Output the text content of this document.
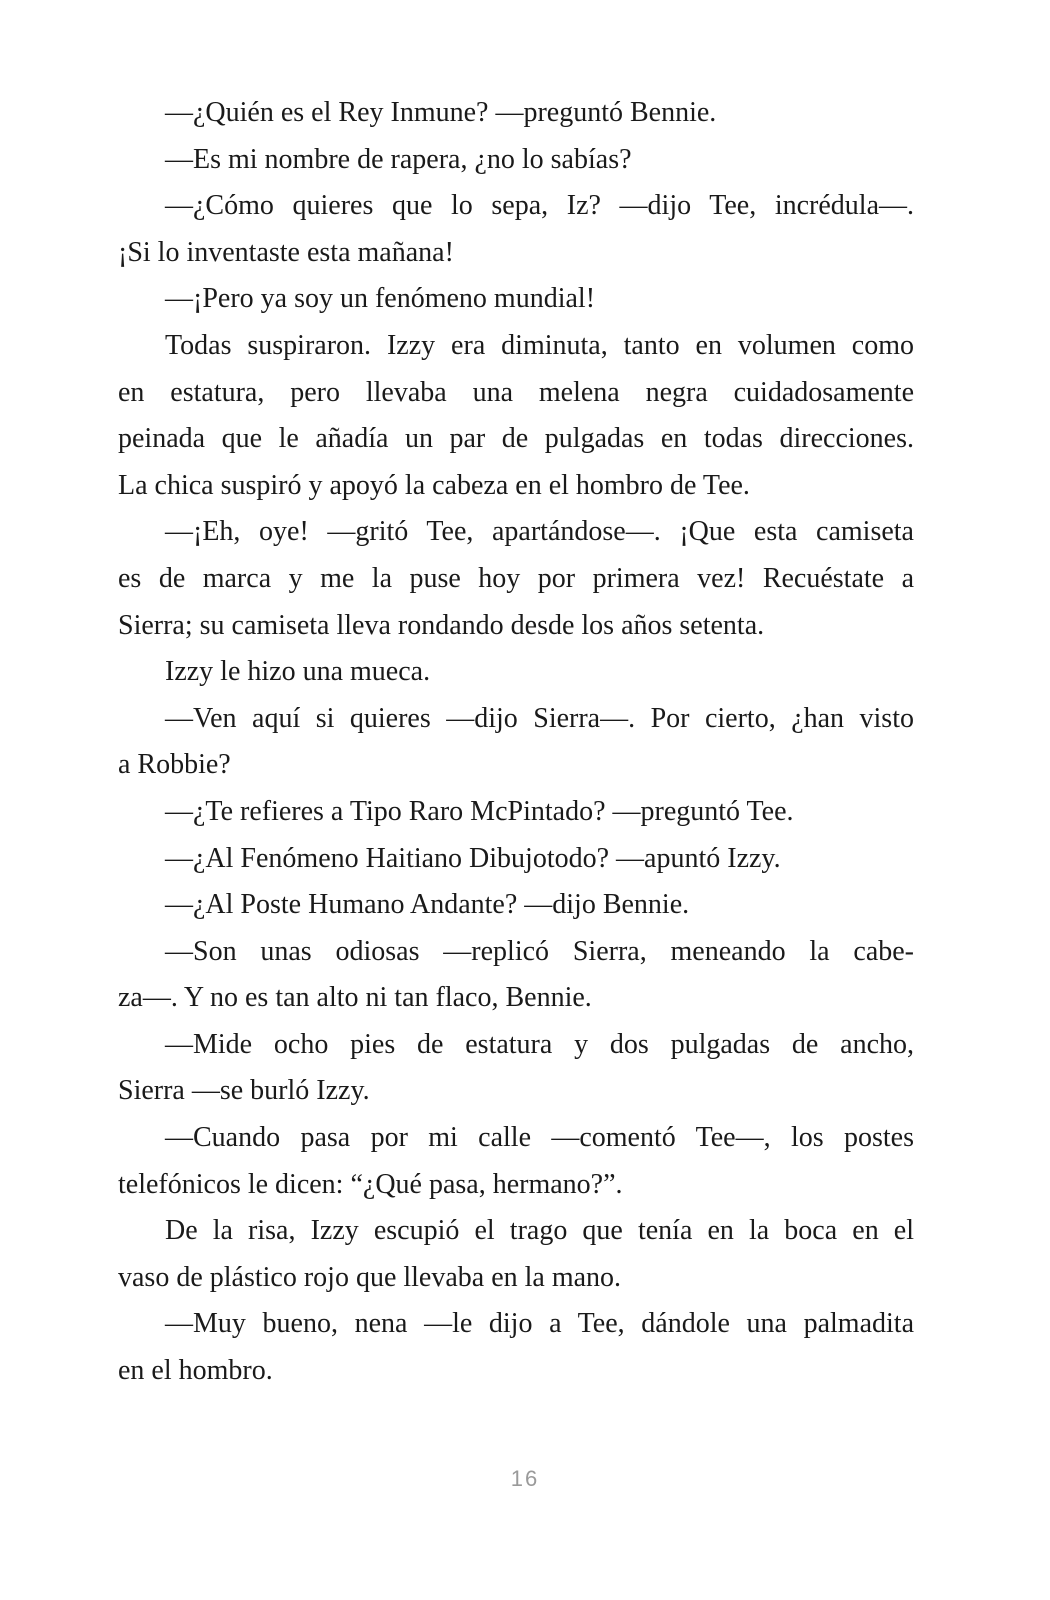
—¿Quién es el Rey Inmune? —preguntó Bennie.
—Es mi nombre de rapera, ¿no lo sabías?
—¿Cómo quieres que lo sepa, Iz? —dijo Tee, incrédula—.
¡Si lo inventaste esta mañana!
—¡Pero ya soy un fenómeno mundial!
Todas suspiraron. Izzy era diminuta, tanto en volumen como
en estatura, pero llevaba una melena negra cuidadosamente
peinada que le añadía un par de pulgadas en todas direcciones.
La chica suspiró y apoyó la cabeza en el hombro de Tee.
—¡Eh, oye! —gritó Tee, apartándose—. ¡Que esta camiseta
es de marca y me la puse hoy por primera vez! Recuéstate a
Sierra; su camiseta lleva rondando desde los años setenta.
Izzy le hizo una mueca.
—Ven aquí si quieres —dijo Sierra—. Por cierto, ¿han visto
a Robbie?
—¿Te refieres a Tipo Raro McPintado? —preguntó Tee.
—¿Al Fenómeno Haitiano Dibujotodo? —apuntó Izzy.
—¿Al Poste Humano Andante? —dijo Bennie.
—Son unas odiosas —replicó Sierra, meneando la cabe-
za—. Y no es tan alto ni tan flaco, Bennie.
—Mide ocho pies de estatura y dos pulgadas de ancho,
Sierra —se burló Izzy.
—Cuando pasa por mi calle —comentó Tee—, los postes
telefónicos le dicen: “¿Qué pasa, hermano?”.
De la risa, Izzy escupió el trago que tenía en la boca en el
vaso de plástico rojo que llevaba en la mano.
—Muy bueno, nena —le dijo a Tee, dándole una palmadita
en el hombro.
16
